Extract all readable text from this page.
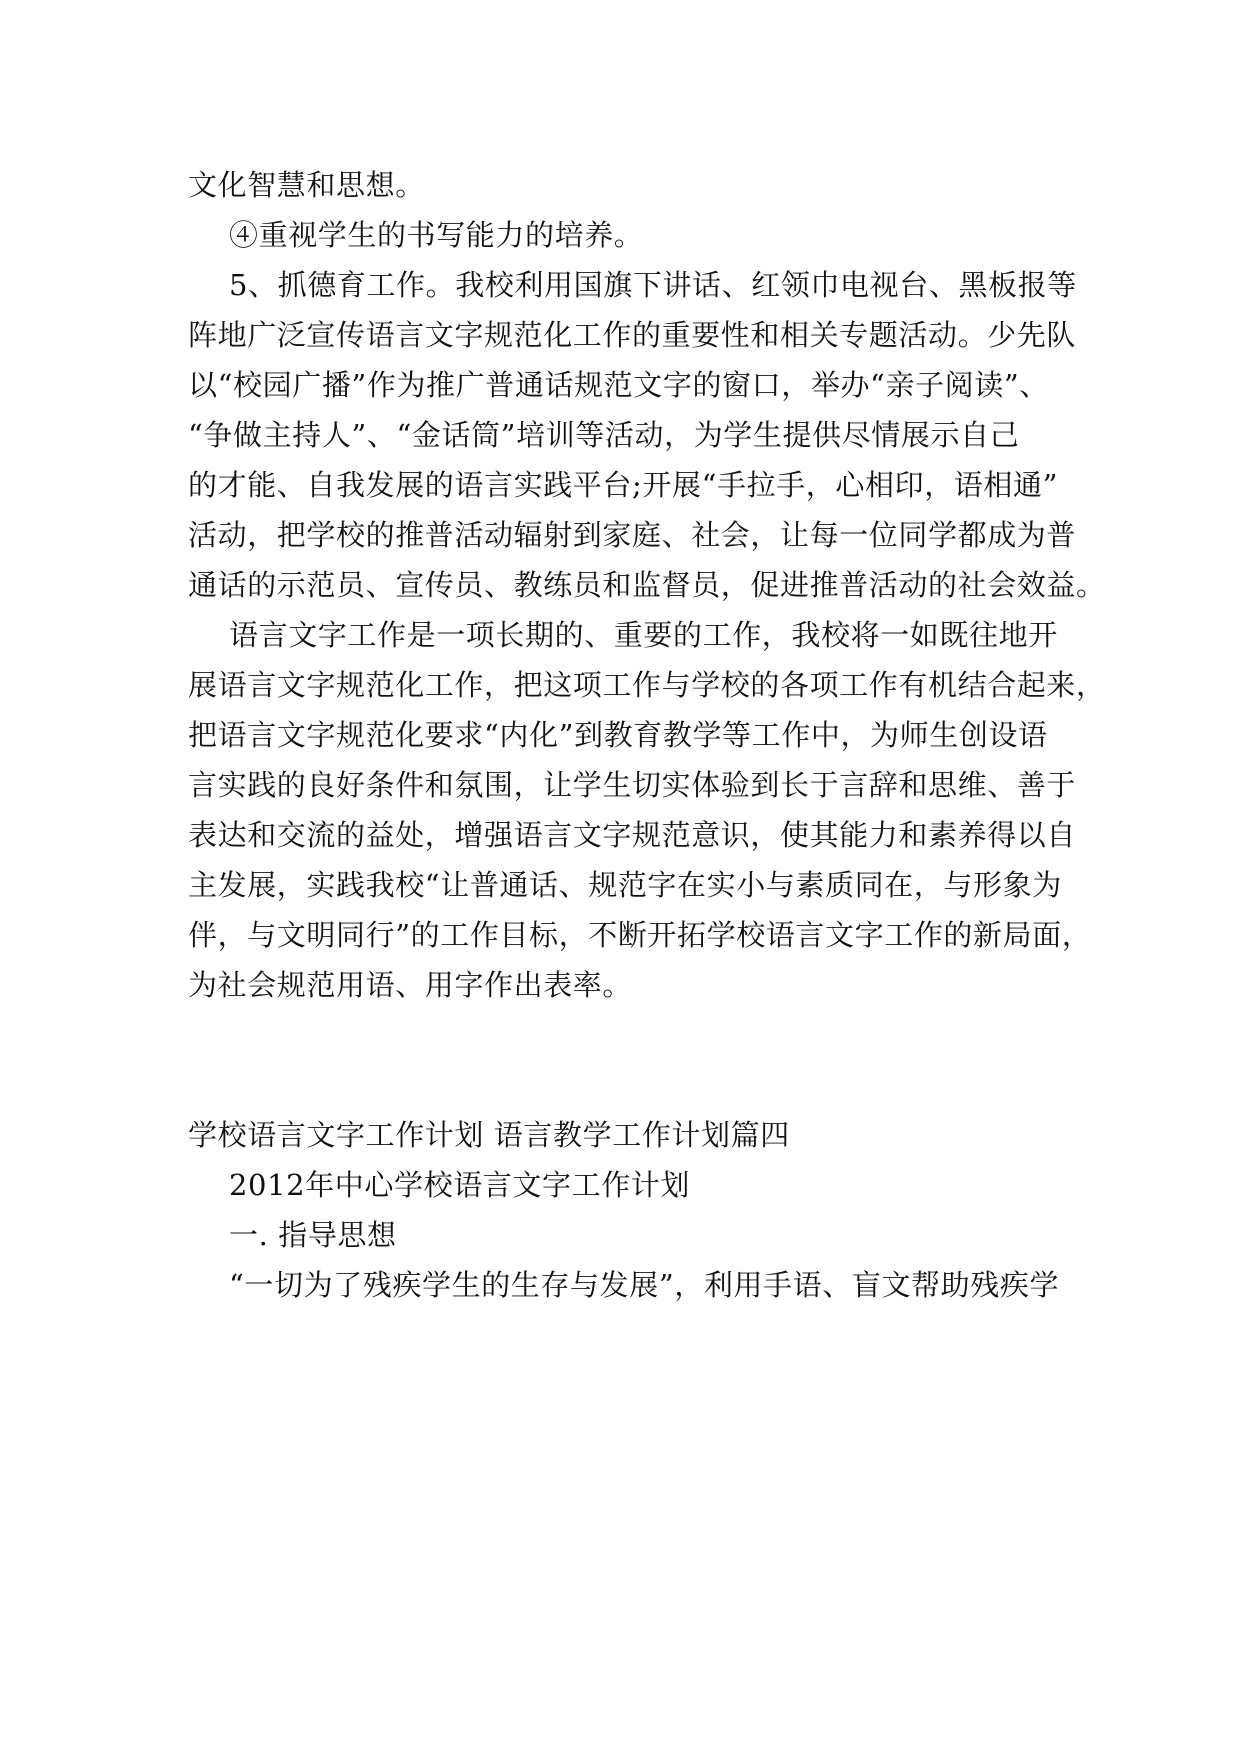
文化智慧和思想。
④重视学生的书写能力的培养。
5、抓德育工作。我校利用国旗下讲话、红领巾电视台、黑板报等
阵地广泛宣传语言文字规范化工作的重要性和相关专题活动。少先队
以“校园广播”作为推广普通话规范文字的窗口，举办“亲子阅读”、
“争做主持人”、“金话筒”培训等活动，为学生提供尽情展示自己
的才能、自我发展的语言实践平台;开展“手拉手，心相印，语相通”
活动，把学校的推普活动辐射到家庭、社会，让每一位同学都成为普
通话的示范员、宣传员、教练员和监督员，促进推普活动的社会效益。
语言文字工作是一项长期的、重要的工作，我校将一如既往地开
展语言文字规范化工作，把这项工作与学校的各项工作有机结合起来，
把语言文字规范化要求“内化”到教育教学等工作中，为师生创设语
言实践的良好条件和氛围，让学生切实体验到长于言辞和思维、善于
表达和交流的益处，增强语言文字规范意识，使其能力和素养得以自
主发展，实践我校“让普通话、规范字在实小与素质同在，与形象为
伴，与文明同行”的工作目标，不断开拓学校语言文字工作的新局面，
为社会规范用语、用字作出表率。
学校语言文字工作计划 语言教学工作计划篇四
2012年中心学校语言文字工作计划
一. 指导思想
“一切为了残疾学生的生存与发展”，利用手语、盲文帮助残疾学
